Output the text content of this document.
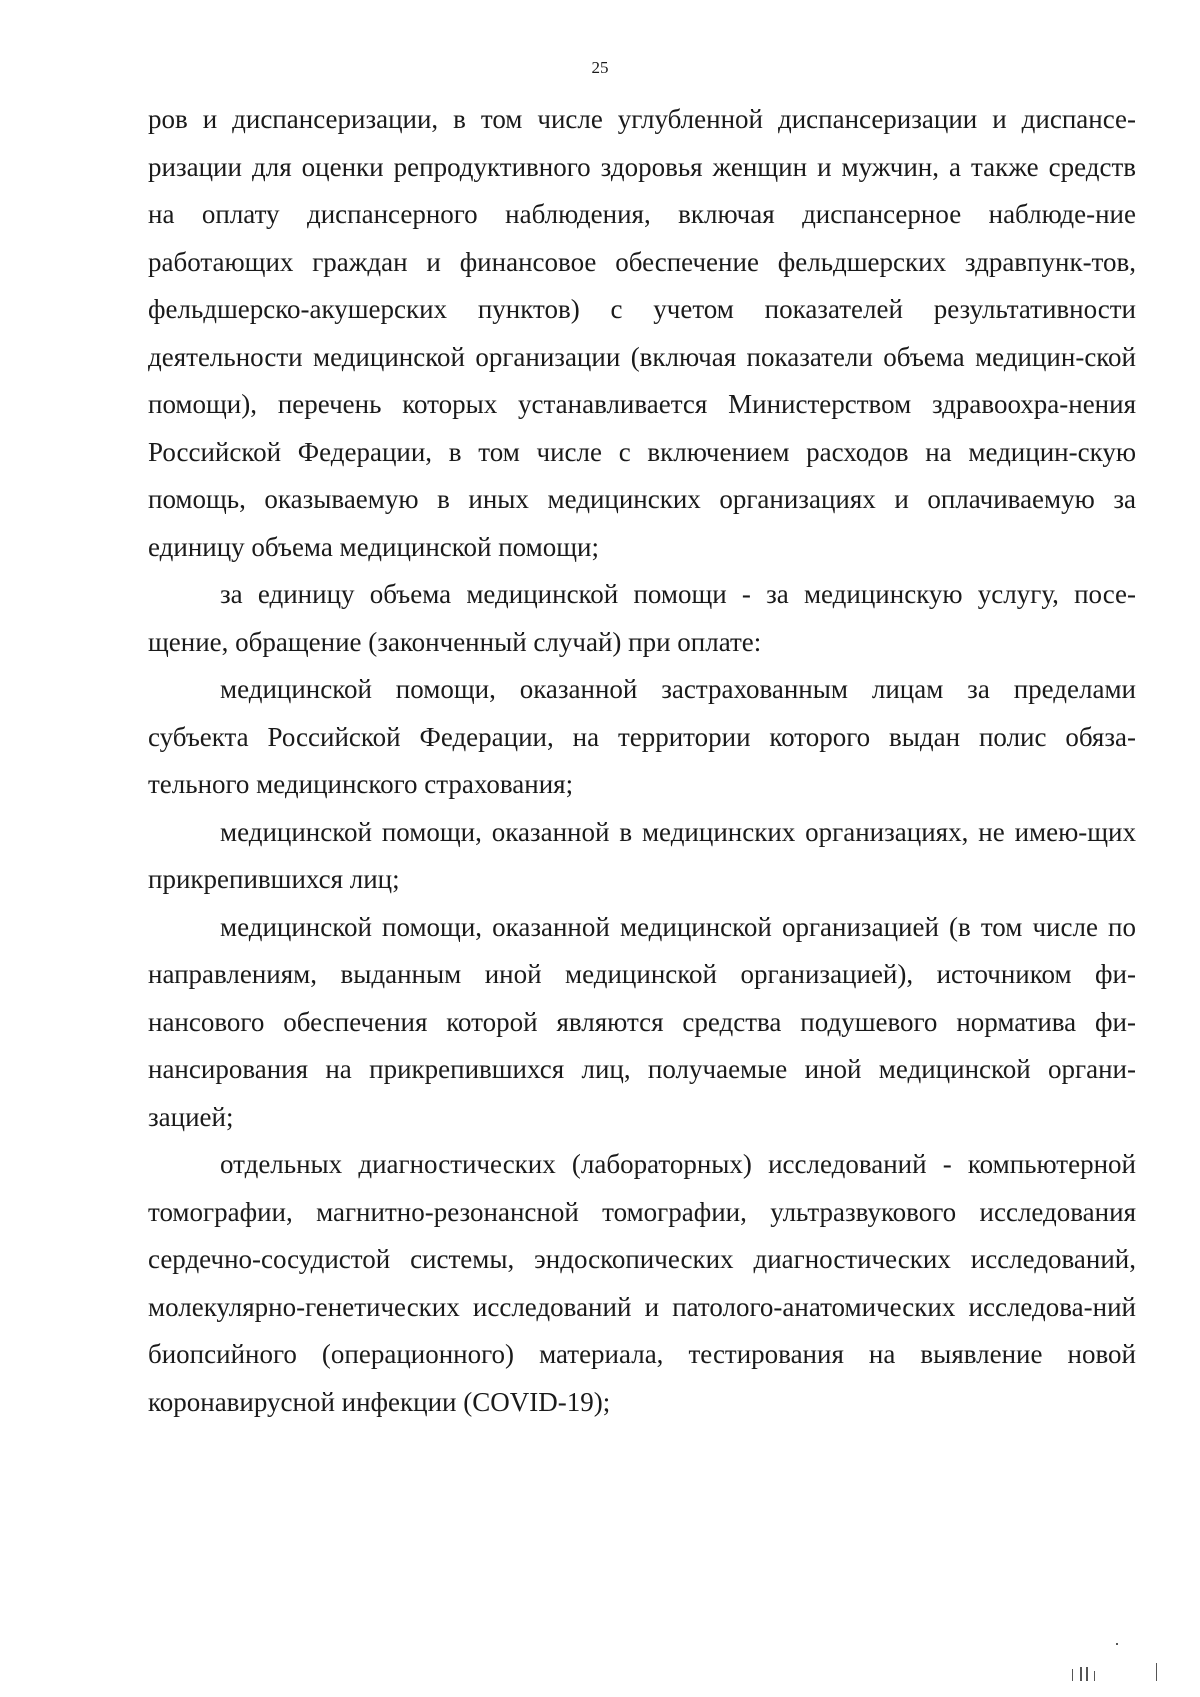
25

ров и диспансеризации, в том числе углубленной диспансеризации и диспансе-ризации для оценки репродуктивного здоровья женщин и мужчин, а также средств на оплату диспансерного наблюдения, включая диспансерное наблюде-ние работающих граждан и финансовое обеспечение фельдшерских здравпунк-тов, фельдшерско-акушерских пунктов) с учетом показателей результативности деятельности медицинской организации (включая показатели объема медицин-ской помощи), перечень которых устанавливается Министерством здравоохра-нения Российской Федерации, в том числе с включением расходов на медицин-скую помощь, оказываемую в иных медицинских организациях и оплачиваемую за единицу объема медицинской помощи;

за единицу объема медицинской помощи - за медицинскую услугу, посе-щение, обращение (законченный случай) при оплате:

медицинской помощи, оказанной застрахованным лицам за пределами субъекта Российской Федерации, на территории которого выдан полис обяза-тельного медицинского страхования;

медицинской помощи, оказанной в медицинских организациях, не имею-щих прикрепившихся лиц;

медицинской помощи, оказанной медицинской организацией (в том числе по направлениям, выданным иной медицинской организацией), источником фи-нансового обеспечения которой являются средства подушевого норматива фи-нансирования на прикрепившихся лиц, получаемые иной медицинской органи-зацией;

отдельных диагностических (лабораторных) исследований - компьютерной томографии, магнитно-резонансной томографии, ультразвукового исследования сердечно-сосудистой системы, эндоскопических диагностических исследований, молекулярно-генетических исследований и патолого-анатомических исследова-ний биопсийного (операционного) материала, тестирования на выявление новой коронавирусной инфекции (COVID-19);
